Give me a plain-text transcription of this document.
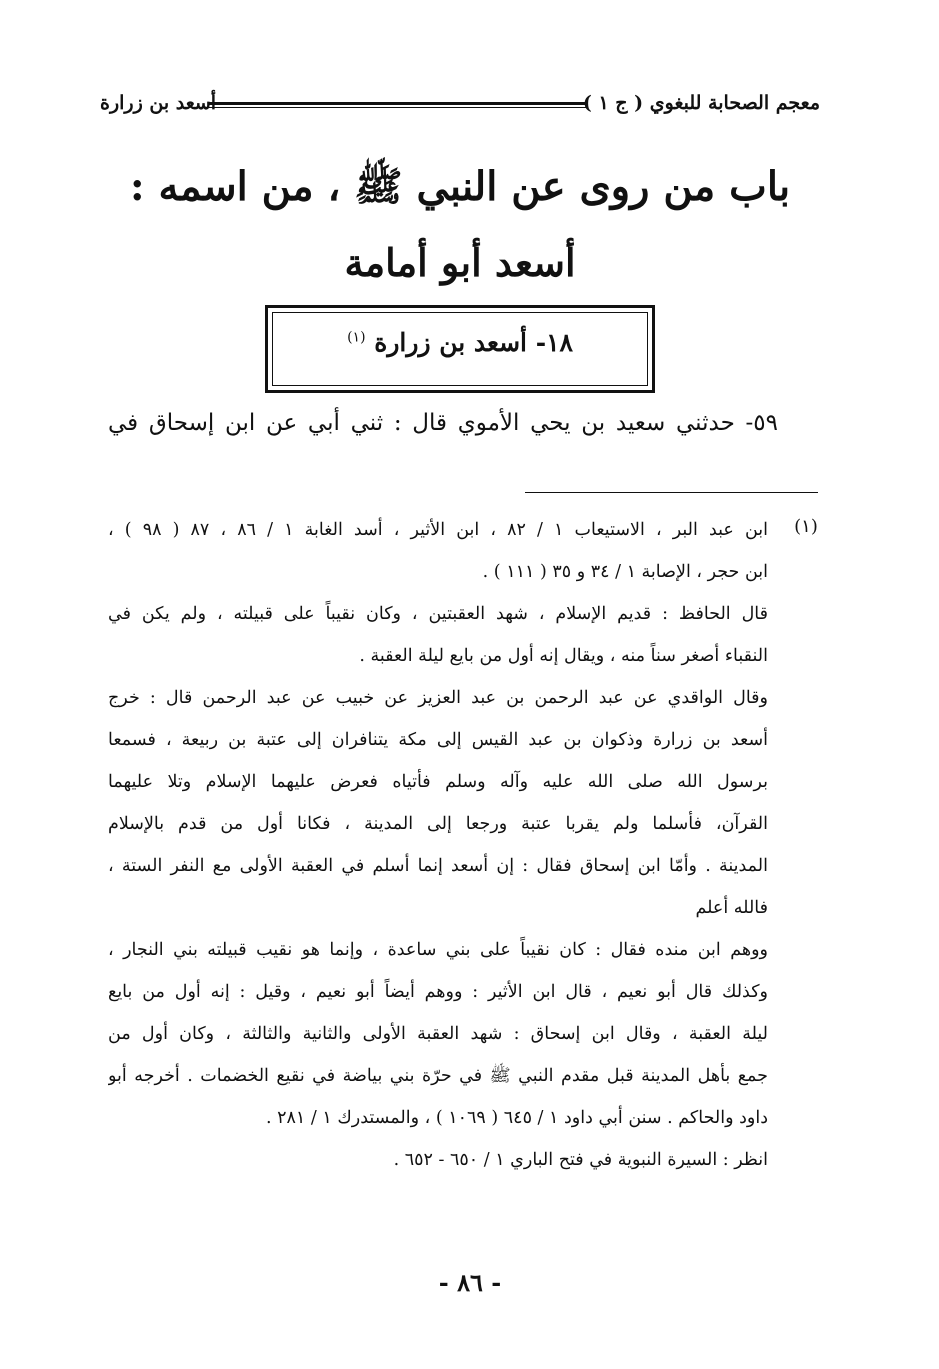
معجم الصحابة للبغوي ( ج ١ )
أسعد بن زرارة
باب من روى عن النبي ﷺ ، من اسمه :
أسعد أبو أمامة
١٨- أسعد بن زرارة $^{(١)}$
٥٩- حدثني سعيد بن يحي الأموي قال : ثني أبي عن ابن إسحاق في
(١)
ابن عبد البر ، الاستيعاب ١ / ٨٢ ، ابن الأثير ، أسد الغابة ١ / ٨٦ ، ٨٧ ( ٩٨ ) ،
ابن حجر ، الإصابة ١ / ٣٤ و ٣٥ ( ١١١ ) .
قال الحافظ : قديم الإسلام ، شهد العقبتين ، وكان نقيباً على قبيلته ، ولم يكن في
النقباء أصغر سناً منه ، ويقال إنه أول من بايع ليلة العقبة .
وقال الواقدي عن عبد الرحمن بن عبد العزيز عن خبيب عن عبد الرحمن قال : خرج
أسعد بن زرارة وذكوان بن عبد القيس إلى مكة يتنافران إلى عتبة بن ربيعة ، فسمعا
برسول الله صلى الله عليه وآله وسلم فأتياه فعرض عليهما الإسلام وتلا عليهما
القرآن، فأسلما ولم يقربا عتبة ورجعا إلى المدينة ، فكانا أول من قدم بالإسلام
المدينة . وأمّا ابن إسحاق فقال : إن أسعد إنما أسلم في العقبة الأولى مع النفر الستة ،
فالله أعلم
ووهم ابن منده فقال : كان نقيباً على بني ساعدة ، وإنما هو نقيب قبيلته بني النجار ،
وكذلك قال أبو نعيم ، قال ابن الأثير : ووهم أيضاً أبو نعيم ، وقيل : إنه أول من بايع
ليلة العقبة ، وقال ابن إسحاق : شهد العقبة الأولى والثانية والثالثة ، وكان أول من
جمع بأهل المدينة قبل مقدم النبي ﷺ في حرّة بني بياضة في نقيع الخضمات . أخرجه أبو
داود والحاكم . سنن أبي داود ١ / ٦٤٥ ( ١٠٦٩ ) ، والمستدرك ١ / ٢٨١ .
انظر : السيرة النبوية في فتح الباري ١ / ٦٥٠ - ٦٥٢ .
- ٨٦ -
